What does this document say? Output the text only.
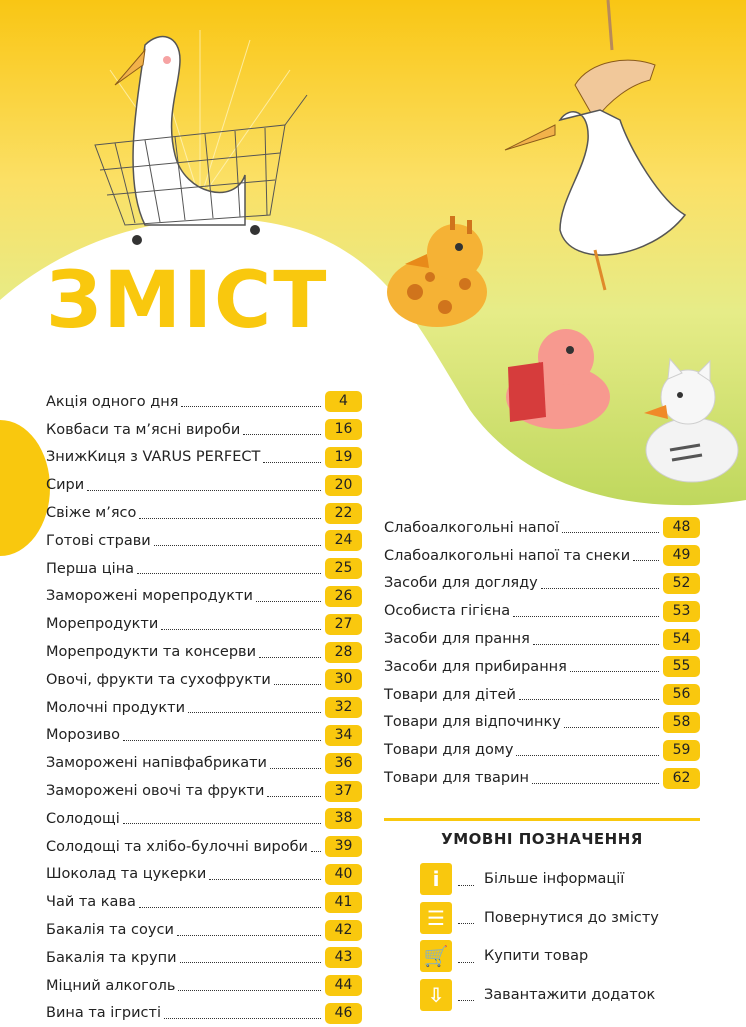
ЗМІСТ
Акція одного дня	4
Ковбаси та м’ясні вироби	16
ЗнижКиця з VARUS PERFECT	19
Сири	20
Свіже м’ясо	22
Готові страви	24
Перша ціна	25
Заморожені морепродукти	26
Морепродукти	27
Морепродукти та консерви	28
Овочі, фрукти та сухофрукти	30
Молочні продукти	32
Морозиво	34
Заморожені напівфабрикати	36
Заморожені овочі та фрукти	37
Солодощі	38
Солодощі та хлібо-булочні вироби	39
Шоколад та цукерки	40
Чай та кава	41
Бакалія та соуси	42
Бакалія та крупи	43
Міцний алкоголь	44
Вина та ігристі	46
Слабоалкогольні напої	48
Слабоалкогольні напої та снеки	49
Засоби для догляду	52
Особиста гігієна	53
Засоби для прання	54
Засоби для прибирання	55
Товари для дітей	56
Товари для відпочинку	58
Товари для дому	59
Товари для тварин	62
УМОВНІ ПОЗНАЧЕННЯ
i	Більше інформації
☰	Повернутися до змісту
🛒 Купити товар
⇩	Завантажити додаток
